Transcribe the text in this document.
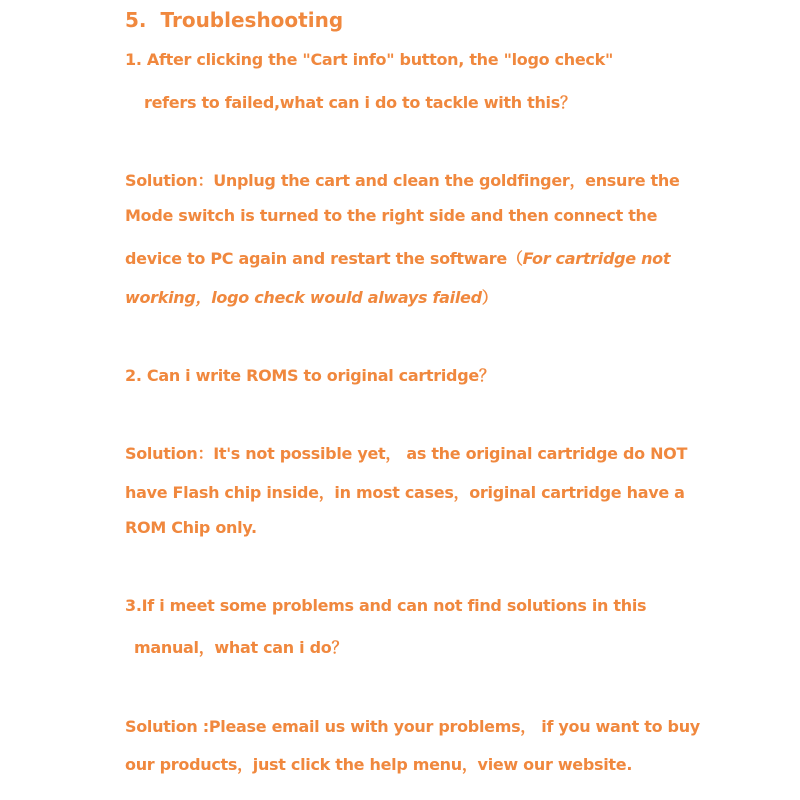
5. Troubleshooting
1. After clicking the "Cart info" button, the "logo check"
refers to failed,what can i do to tackle with this？
Solution：Unplug the cart and clean the goldfinger，ensure the
Mode switch is turned to the right side and then connect the
device to PC again and restart the software（For cartridge not
working，logo check would always failed）
2. Can i write ROMS to original cartridge？
Solution：It's not possible yet， as the original cartridge do NOT
have Flash chip inside，in most cases，original cartridge have a
ROM Chip only.
3.If i meet some problems and can not find solutions in this
manual，what can i do？
Solution :Please email us with your problems， if you want to buy
our products，just click the help menu，view our website.
